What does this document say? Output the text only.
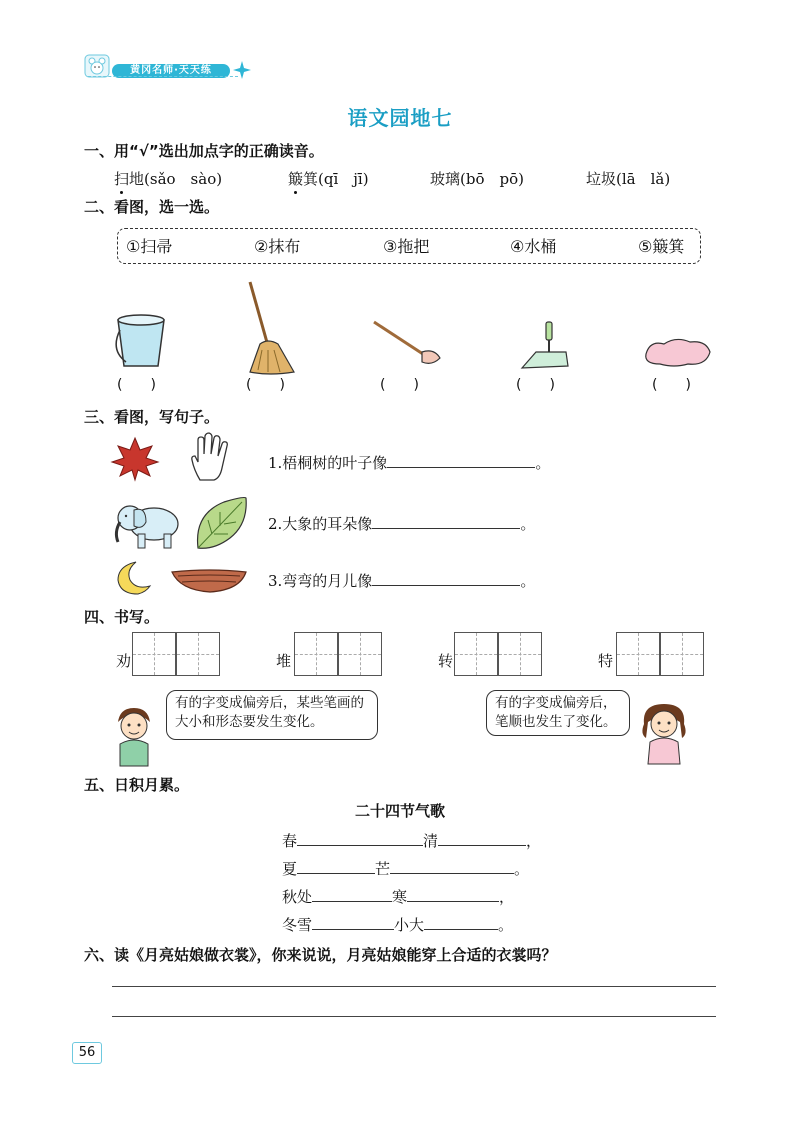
黄冈名师·天天练
语文园地七
一、用“√”选出加点字的正确读音。
扫地(sǎo　sào)	簸箕(qī　jī)	玻璃(bō　pō)	垃圾(lā　lǎ)
二、看图，选一选。
①扫帚	②抹布	③拖把	④水桶	⑤簸箕
(　　)	(　　)	(　　)	(　　)	(　　)
三、看图，写句子。
1.梧桐树的叶子像	。
2.大象的耳朵像	。
3.弯弯的月儿像	。
四、书写。
劝	堆	转	特
有的字变成偏旁后，某些笔画的大小和形态要发生变化。
有的字变成偏旁后，笔顺也发生了变化。
五、日积月累。
二十四节气歌
春	清	，
夏	芒	。
秋处	寒	，
冬雪	小大	。
六、读《月亮姑娘做衣裳》，你来说说，月亮姑娘能穿上合适的衣裳吗？
56
